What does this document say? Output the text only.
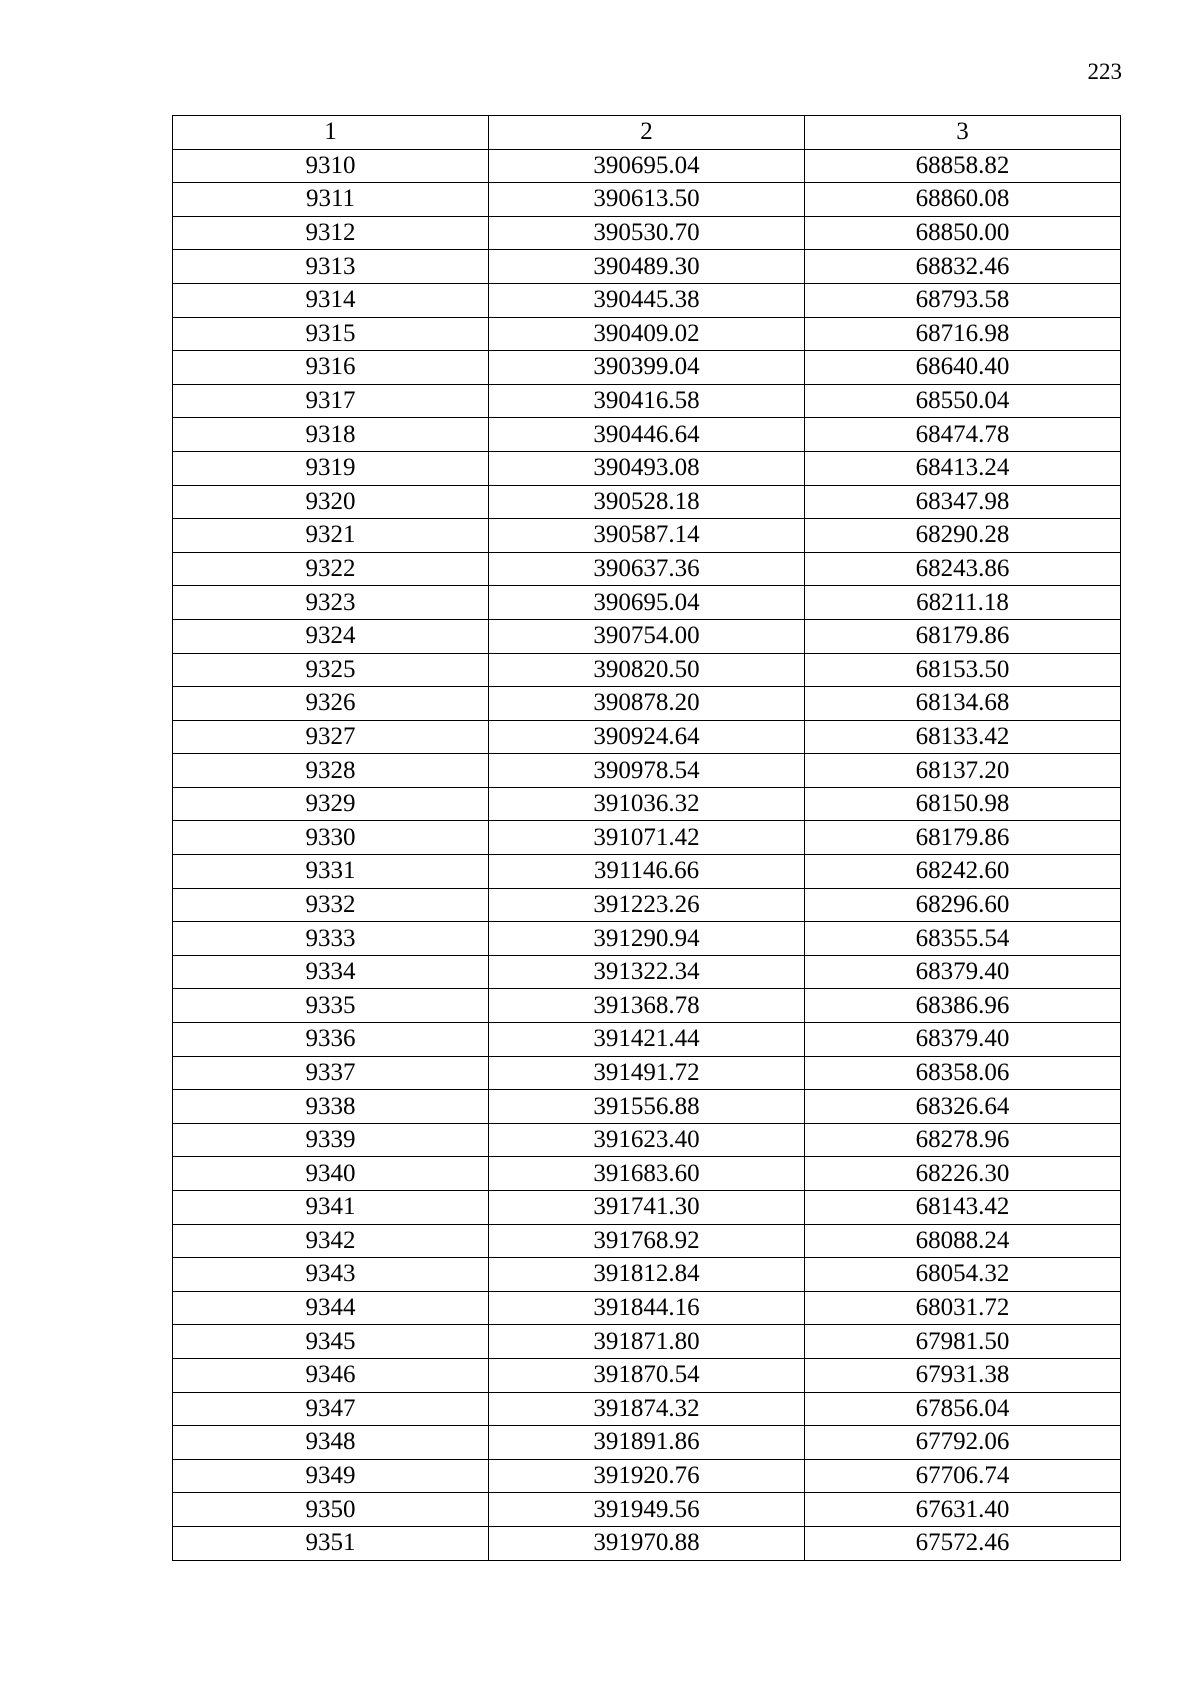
223
1	2	3
9310	390695.04	68858.82
9311	390613.50	68860.08
9312	390530.70	68850.00
9313	390489.30	68832.46
9314	390445.38	68793.58
9315	390409.02	68716.98
9316	390399.04	68640.40
9317	390416.58	68550.04
9318	390446.64	68474.78
9319	390493.08	68413.24
9320	390528.18	68347.98
9321	390587.14	68290.28
9322	390637.36	68243.86
9323	390695.04	68211.18
9324	390754.00	68179.86
9325	390820.50	68153.50
9326	390878.20	68134.68
9327	390924.64	68133.42
9328	390978.54	68137.20
9329	391036.32	68150.98
9330	391071.42	68179.86
9331	391146.66	68242.60
9332	391223.26	68296.60
9333	391290.94	68355.54
9334	391322.34	68379.40
9335	391368.78	68386.96
9336	391421.44	68379.40
9337	391491.72	68358.06
9338	391556.88	68326.64
9339	391623.40	68278.96
9340	391683.60	68226.30
9341	391741.30	68143.42
9342	391768.92	68088.24
9343	391812.84	68054.32
9344	391844.16	68031.72
9345	391871.80	67981.50
9346	391870.54	67931.38
9347	391874.32	67856.04
9348	391891.86	67792.06
9349	391920.76	67706.74
9350	391949.56	67631.40
9351	391970.88	67572.46
